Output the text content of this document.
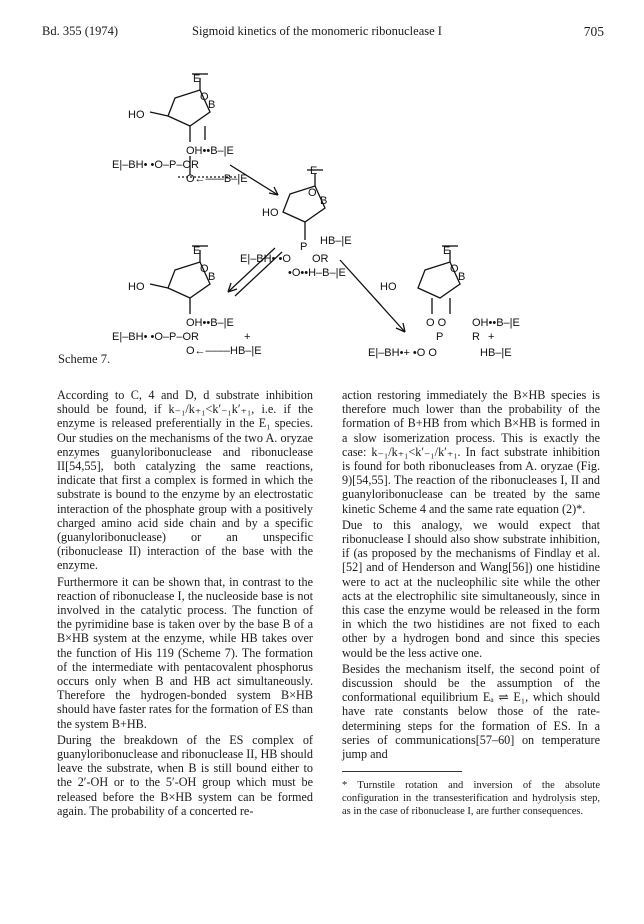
Bd. 355 (1974)	Sigmoid kinetics of the monomeric ribonuclease I	705
E
O
B
HO
OH••B–|E
E|–BH• •O–P–OR
O←–––B–|E
E
O
B
HO
P HB–|E
E|–BH• •O OR
•O••H–B–|E
E
O
B
HO
OH••B–|E
E|–BH• •O–P–OR	+
O←––––HB–|E
E
O
B
HO
O O OH••B–|E
P	R +
E|–BH•+ •O O	HB–|E
Scheme 7.

According to C, 4 and D, d substrate inhibition should be found, if k₋₁/k₊₁<k′₋₁k′₊₁, i.e. if the enzyme is released preferentially in the E₁ species. Our studies on the mechanisms of the two A. oryzae enzymes guanyloribonuclease and ribonuclease II[54,55], both catalyzing the same reactions, indicate that first a complex is formed in which the substrate is bound to the enzyme by an electrostatic interaction of the phosphate group with a positively charged amino acid side chain and by a specific (guanyloribonuclease) or an unspecific (ribonuclease II) interaction of the base with the enzyme.

Furthermore it can be shown that, in contrast to the reaction of ribonuclease I, the nucleoside base is not involved in the catalytic process. The function of the pyrimidine base is taken over by the base B of a B×HB system at the enzyme, while HB takes over the function of His 119 (Scheme 7). The formation of the intermediate with pentacovalent phosphorus occurs only when B and HB act simultaneously. Therefore the hydrogen-bonded system B×HB should have faster rates for the formation of ES than the system B+HB.

During the breakdown of the ES complex of guanyloribonuclease and ribonuclease II, HB should leave the substrate, when B is still bound either to the 2′-OH or to the 5′-OH group which must be released before the B×HB system can be formed again. The probability of a concerted re-

action restoring immediately the B×HB species is therefore much lower than the probability of the formation of B+HB from which B×HB is formed in a slow isomerization process. This is exactly the case: k₋₁/k₊₁<k′₋₁/k′₊₁. In fact substrate inhibition is found for both ribonucleases from A. oryzae (Fig. 9)[54,55]. The reaction of the ribonucleases I, II and guanyloribonuclease can be treated by the same kinetic Scheme 4 and the same rate equation (2)*.

Due to this analogy, we would expect that ribonuclease I should also show substrate inhibition, if (as proposed by the mechanisms of Findlay et al.[52] and of Henderson and Wang[56]) one histidine were to act at the nucleophilic site while the other acts at the electrophilic site simultaneously, since in this case the enzyme would be released in the form in which the two histidines are not fixed to each other by a hydrogen bond and since this species would be the less active one.

Besides the mechanism itself, the second point of discussion should be the assumption of the conformational equilibrium Eₐ ⇌ E₁, which should have rate constants below those of the rate-determining steps for the formation of ES. In a series of communications[57–60] on temperature jump and

* Turnstile rotation and inversion of the absolute configuration in the transesterification and hydrolysis step, as in the case of ribonuclease I, are further consequences.
